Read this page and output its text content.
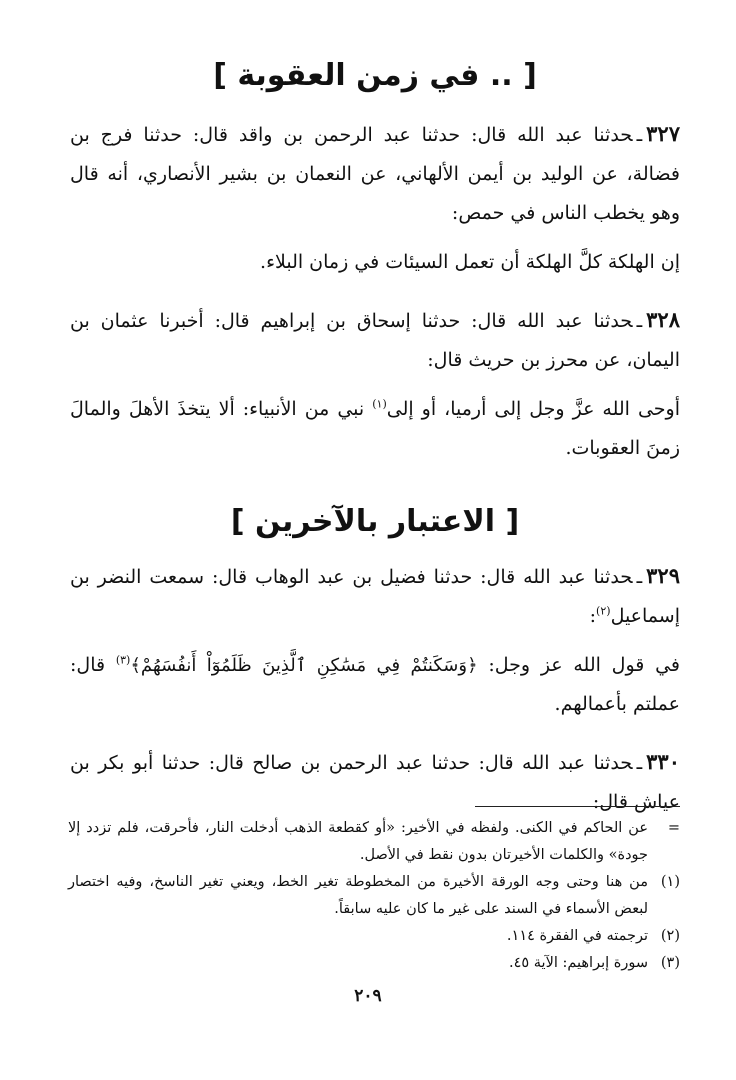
[ .. في زمن العقوبة ]

٣٢٧ـحدثنا عبد الله قال: حدثنا عبد الرحمن بن واقد قال: حدثنا فرج بن فضالة، عن الوليد بن أيمن الألهاني، عن النعمان بن بشير الأنصاري، أنه قال وهو يخطب الناس في حمص:

إن الهلكة كلَّ الهلكة أن تعمل السيئات في زمان البلاء.

٣٢٨ـحدثنا عبد الله قال: حدثنا إسحاق بن إبراهيم قال: أخبرنا عثمان بن اليمان، عن محرز بن حريث قال:

أوحى الله عزَّ وجل إلى أرميا، أو إلى$^{(١)}$ نبي من الأنبياء: ألا يتخذَ الأهلَ والمالَ زمنَ العقوبات.

[ الاعتبار بالآخرين ]

٣٢٩ـحدثنا عبد الله قال: حدثنا فضيل بن عبد الوهاب قال: سمعت النضر بن إسماعيل$^{(٢)}$:

في قول الله عز وجل: ﴿وَسَكَنتُمْ فِي مَسَٰكِنِ ٱلَّذِينَ ظَلَمُوٓاْ أَنفُسَهُمْ﴾$^{(٣)}$ قال: عملتم بأعمالهم.

٣٣٠ـحدثنا عبد الله قال: حدثنا عبد الرحمن بن صالح قال: حدثنا أبو بكر بن عياش قال:

=
عن الحاكم في الكنى. ولفظه في الأخير: «أو كقطعة الذهب أدخلت النار، فأحرقت، فلم تزدد إلا جودة» والكلمات الأخيرتان بدون نقط في الأصل.
(١)
من هنا وحتى وجه الورقة الأخيرة من المخطوطة تغير الخط، ويعني تغير الناسخ، وفيه اختصار لبعض الأسماء في السند على غير ما كان عليه سابقاً.
(٢)
ترجمته في الفقرة ١١٤.
(٣)
سورة إبراهيم: الآية ٤٥.
٢٠٩
